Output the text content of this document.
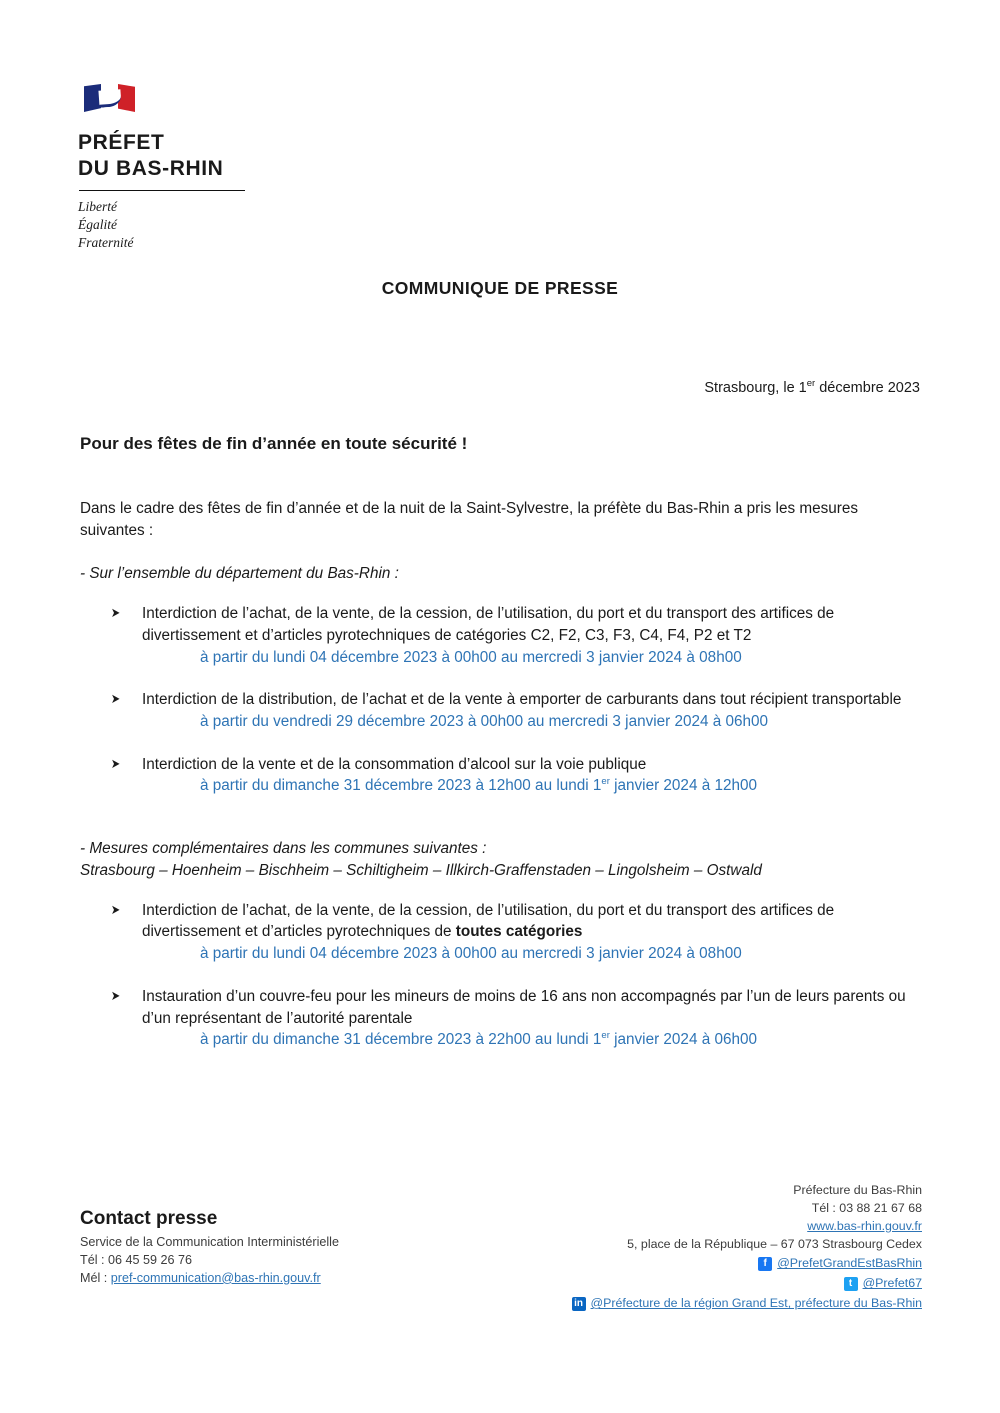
PRÉFET
DU BAS-RHIN
Liberté
Égalité
Fraternité
COMMUNIQUE DE PRESSE
Strasbourg, le 1er décembre 2023
Pour des fêtes de fin d’année en toute sécurité !
Dans le cadre des fêtes de fin d’année et de la nuit de la Saint-Sylvestre, la préfète du Bas-Rhin a pris les mesures suivantes :
- Sur l’ensemble du département du Bas-Rhin :
➤ Interdiction de l’achat, de la vente, de la cession, de l’utilisation, du port et du transport des artifices de divertissement et d’articles pyrotechniques de catégories C2, F2, C3, F3, C4, F4, P2 et T2
à partir du lundi 04 décembre 2023 à 00h00 au mercredi 3 janvier 2024 à 08h00
➤ Interdiction de la distribution, de l’achat et de la vente à emporter de carburants dans tout récipient transportable
à partir du vendredi 29 décembre 2023 à 00h00 au mercredi 3 janvier 2024 à 06h00
➤ Interdiction de la vente et de la consommation d’alcool sur la voie publique
à partir du dimanche 31 décembre 2023 à 12h00 au lundi 1er janvier 2024 à 12h00
- Mesures complémentaires dans les communes suivantes :
Strasbourg – Hoenheim – Bischheim – Schiltigheim – Illkirch-Graffenstaden – Lingolsheim – Ostwald
➤ Interdiction de l’achat, de la vente, de la cession, de l’utilisation, du port et du transport des artifices de divertissement et d’articles pyrotechniques de toutes catégories
à partir du lundi 04 décembre 2023 à 00h00 au mercredi 3 janvier 2024 à 08h00
➤ Instauration d’un couvre-feu pour les mineurs de moins de 16 ans non accompagnés par l’un de leurs parents ou d’un représentant de l’autorité parentale
à partir du dimanche 31 décembre 2023 à 22h00 au lundi 1er janvier 2024 à 06h00
Contact presse
Service de la Communication Interministérielle
Tél : 06 45 59 26 76
Mél : pref-communication@bas-rhin.gouv.fr
Préfecture du Bas-Rhin
Tél : 03 88 21 67 68
www.bas-rhin.gouv.fr
5, place de la République – 67 073 Strasbourg Cedex
f @PrefetGrandEstBasRhin
t @Prefet67
in @Préfecture de la région Grand Est, préfecture du Bas-Rhin
